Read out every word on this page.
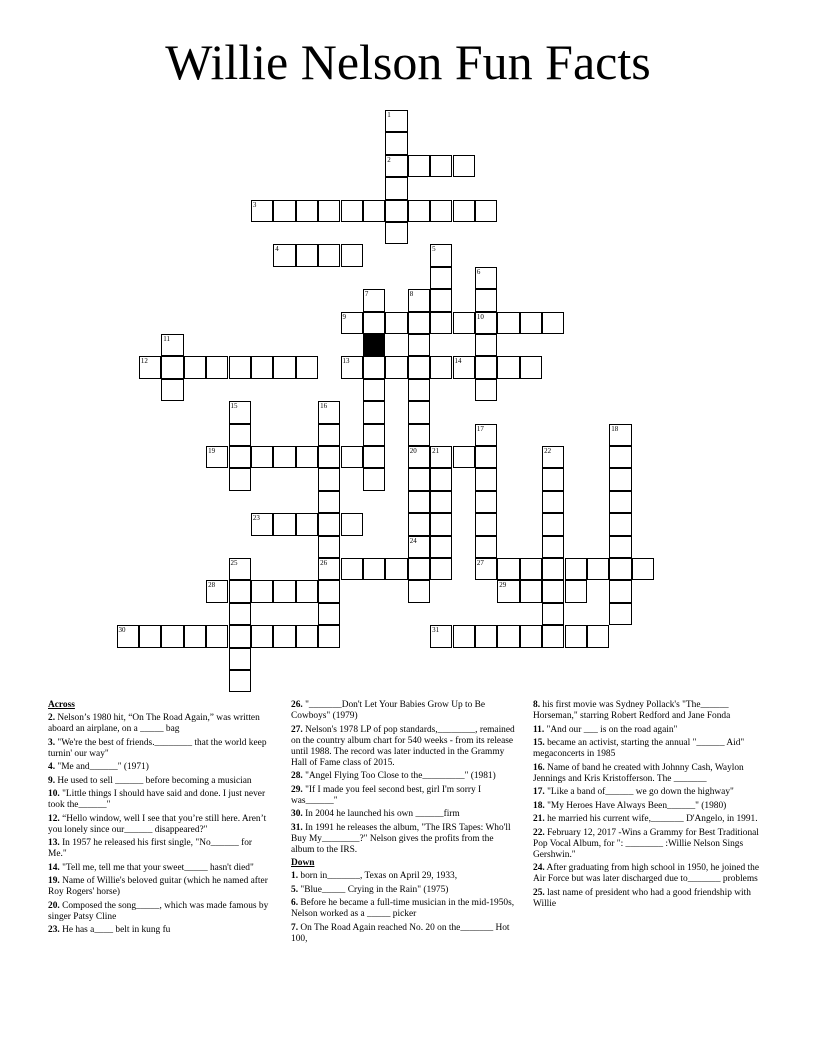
Willie Nelson Fun Facts
2
3
4
9	10
12	13	14
19	20 21
23
26	27
28	29
30	31
1
5
6
7	8
11
15	16
17	18
22
24
25
Across
2. Nelson’s 1980 hit, “On The Road Again,” was written aboard an airplane, on a _____ bag
3. "We're the best of friends.________ that the world keep turnin' our way"
4. "Me and______" (1971)
9. He used to sell ______ before becoming a musician
10. "Little things I should have said and done. I just never took the______"
12. “Hello window, well I see that you’re still here. Aren’t you lonely since our______ disappeared?"
13. In 1957 he released his first single, "No______ for Me."
14. "Tell me, tell me that your sweet_____ hasn't died"
19. Name of Willie's beloved guitar (which he named after Roy Rogers' horse)
20. Composed the song_____, which was made famous by singer Patsy Cline
23. He has a____ belt in kung fu
26. "_______Don't Let Your Babies Grow Up to Be Cowboys" (1979)
27. Nelson's 1978 LP of pop standards,________, remained on the country album chart for 540 weeks - from its release until 1988. The record was later inducted in the Grammy Hall of Fame class of 2015.
28. "Angel Flying Too Close to the_________" (1981)
29. "If I made you feel second best, girl I'm sorry I was______"
30. In 2004 he launched his own ______firm
31. In 1991 he releases the album, "The IRS Tapes: Who'll Buy My________?" Nelson gives the profits from the album to the IRS.
Down
1. born in_______, Texas on April 29, 1933,
5. "Blue_____ Crying in the Rain" (1975)
6. Before he became a full-time musician in the mid-1950s, Nelson worked as a _____ picker
7. On The Road Again reached No. 20 on the_______ Hot 100,
8. his first movie was Sydney Pollack's "The______ Horseman," starring Robert Redford and Jane Fonda
11. "And our ___ is on the road again"
15. became an activist, starting the annual "______ Aid" megaconcerts in 1985
16. Name of band he created with Johnny Cash, Waylon Jennings and Kris Kristofferson. The _______
17. "Like a band of______ we go down the highway"
18. "My Heroes Have Always Been______" (1980)
21. he married his current wife,_______ D'Angelo, in 1991.
22. February 12, 2017 -Wins a Grammy for Best Traditional Pop Vocal Album, for ": ________ :Willie Nelson Sings Gershwin."
24. After graduating from high school in 1950, he joined the Air Force but was later discharged due to_______ problems
25. last name of president who had a good friendship with Willie
